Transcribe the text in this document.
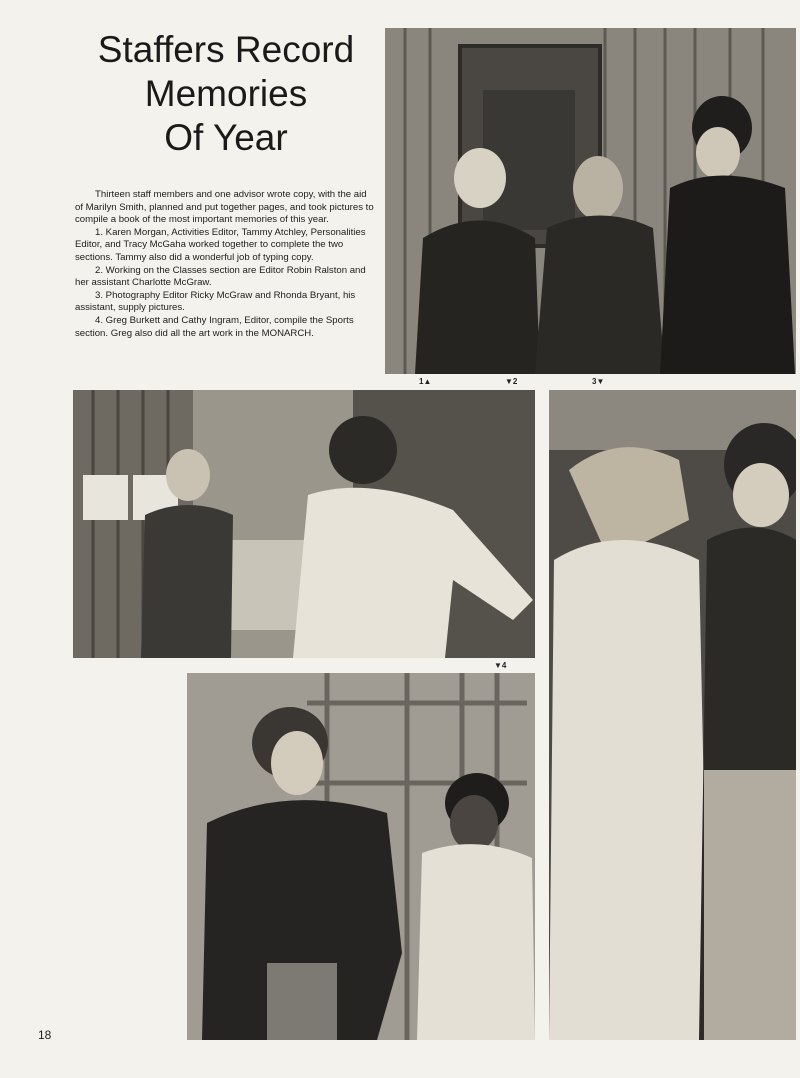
Staffers Record
Memories
Of Year

Thirteen staff members and one advisor wrote copy, with the aid of Marilyn Smith, planned and put together pages, and took pictures to compile a book of the most important memories of this year.

1. Karen Morgan, Activities Editor, Tammy Atchley, Personalities Editor, and Tracy McGaha worked together to complete the two sections. Tammy also did a wonderful job of typing copy.

2. Working on the Classes section are Editor Robin Ralston and her assistant Charlotte McGraw.

3. Photography Editor Ricky McGraw and Rhonda Bryant, his assistant, supply pictures.

4. Greg Burkett and Cathy Ingram, Editor, compile the Sports section. Greg also did all the art work in the MONARCH.

1▲	▼2	3▼
▼4
18
